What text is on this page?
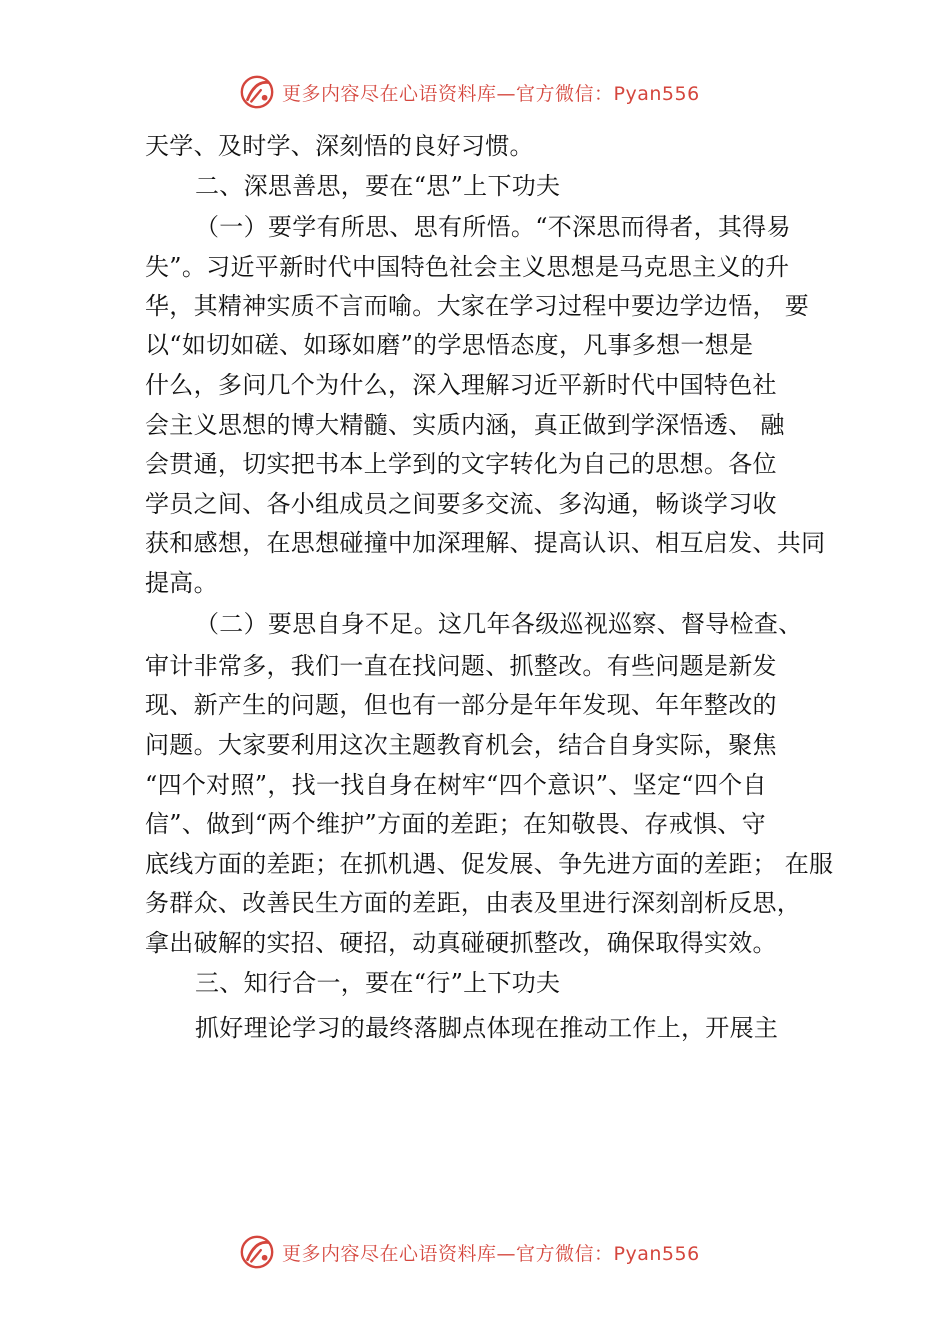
更多内容尽在心语资料库—官方微信：Pyan556
天学、及时学、深刻悟的良好习惯。
二、深思善思，要在“思”上下功夫
（一）要学有所思、思有所悟。“不深思而得者，其得易
失”。习近平新时代中国特色社会主义思想是马克思主义的升
华，其精神实质不言而喻。大家在学习过程中要边学边悟， 要
以“如切如磋、如琢如磨”的学思悟态度，凡事多想一想是
什么，多问几个为什么，深入理解习近平新时代中国特色社
会主义思想的博大精髓、实质内涵，真正做到学深悟透、 融
会贯通，切实把书本上学到的文字转化为自己的思想。各位
学员之间、各小组成员之间要多交流、多沟通，畅谈学习收
获和感想，在思想碰撞中加深理解、提高认识、相互启发、共同
提高。
（二）要思自身不足。这几年各级巡视巡察、督导检查、
审计非常多，我们一直在找问题、抓整改。有些问题是新发
现、新产生的问题，但也有一部分是年年发现、年年整改的
问题。大家要利用这次主题教育机会，结合自身实际，聚焦
“四个对照”，找一找自身在树牢“四个意识”、坚定“四个自
信”、做到“两个维护”方面的差距；在知敬畏、存戒惧、守
底线方面的差距；在抓机遇、促发展、争先进方面的差距； 在服
务群众、改善民生方面的差距，由表及里进行深刻剖析反思，
拿出破解的实招、硬招，动真碰硬抓整改，确保取得实效。
三、知行合一，要在“行”上下功夫
抓好理论学习的最终落脚点体现在推动工作上，开展主
更多内容尽在心语资料库—官方微信：Pyan556
